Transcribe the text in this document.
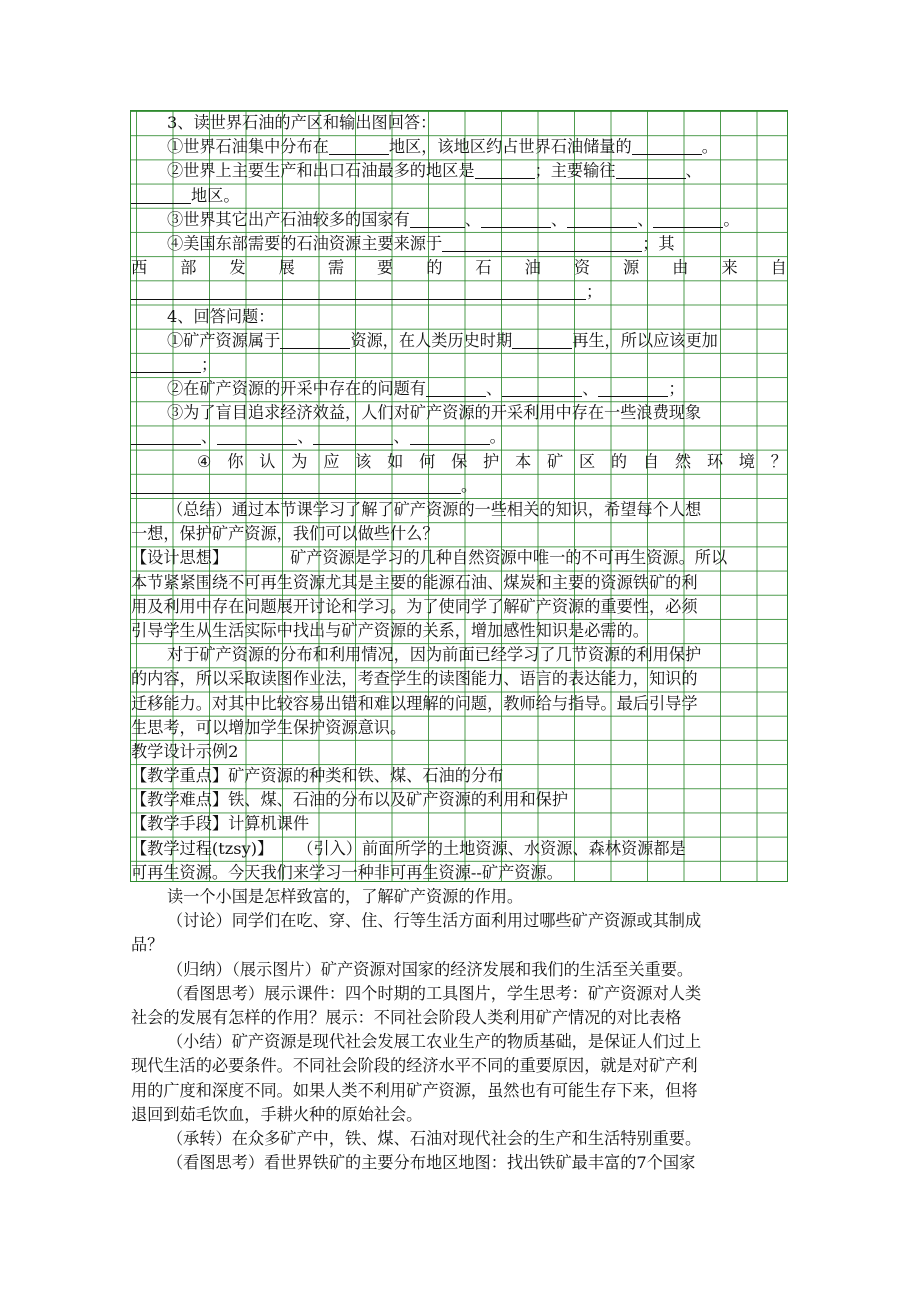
3、读世界石油的产区和输出图回答：
①世界石油集中分布在	地区，该地区约占世界石油储量的	。
②世界上主要生产和出口石油最多的地区是	；主要输往	、
地区。
③世界其它出产石油较多的国家有	、	、	、	。
④美国东部需要的石油资源主要来源于	；其
西 部 发 展 需 要 的 石 油 资 源 由 来 自
；
4、回答问题：
①矿产资源属于	资源，在人类历史时期	再生，所以应该更加
；
②在矿产资源的开采中存在的问题有	、	、	；
③为了盲目追求经济效益，人们对矿产资源的开采利用中存在一些浪费现象
、	、	、	。
④ 你 认 为 应 该 如 何 保 护 本 矿 区 的 自 然 环 境 ？
。
（总结）通过本节课学习了解了矿产资源的一些相关的知识，希望每个人想
一想，保护矿产资源，我们可以做些什么？
【设计思想】	矿产资源是学习的几种自然资源中唯一的不可再生资源。所以
本节紧紧围绕不可再生资源尤其是主要的能源石油、煤炭和主要的资源铁矿的利
用及利用中存在问题展开讨论和学习。为了使同学了解矿产资源的重要性，必须
引导学生从生活实际中找出与矿产资源的关系，增加感性知识是必需的。
对于矿产资源的分布和利用情况，因为前面已经学习了几节资源的利用保护
的内容，所以采取读图作业法，考查学生的读图能力、语言的表达能力，知识的
迁移能力。对其中比较容易出错和难以理解的问题，教师给与指导。最后引导学
生思考，可以增加学生保护资源意识。
教学设计示例2
【教学重点】矿产资源的种类和铁、煤、石油的分布
【教学难点】铁、煤、石油的分布以及矿产资源的利用和保护
【教学手段】计算机课件
【教学过程(tzsy)】 （引入）前面所学的土地资源、水资源、森林资源都是
可再生资源。今天我们来学习一种非可再生资源--矿产资源。
读一个小国是怎样致富的，了解矿产资源的作用。
（讨论）同学们在吃、穿、住、行等生活方面利用过哪些矿产资源或其制成
品？
（归纳）（展示图片）矿产资源对国家的经济发展和我们的生活至关重要。
（看图思考）展示课件：四个时期的工具图片，学生思考：矿产资源对人类
社会的发展有怎样的作用？展示：不同社会阶段人类利用矿产情况的对比表格
（小结）矿产资源是现代社会发展工农业生产的物质基础，是保证人们过上
现代生活的必要条件。不同社会阶段的经济水平不同的重要原因，就是对矿产利
用的广度和深度不同。如果人类不利用矿产资源，虽然也有可能生存下来，但将
退回到茹毛饮血，手耕火种的原始社会。
（承转）在众多矿产中，铁、煤、石油对现代社会的生产和生活特别重要。
（看图思考）看世界铁矿的主要分布地区地图：找出铁矿最丰富的7个国家
